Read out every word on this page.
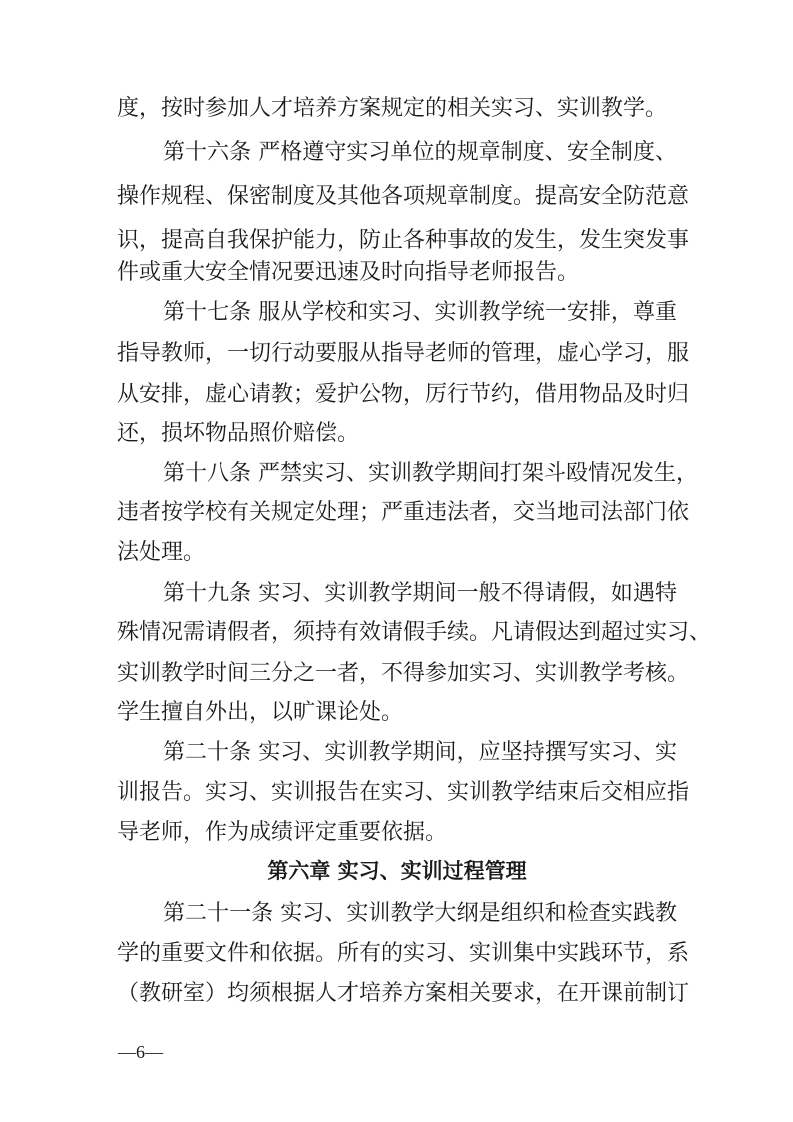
度，按时参加人才培养方案规定的相关实习、实训教学。
第十六条 严格遵守实习单位的规章制度、安全制度、
操作规程、保密制度及其他各项规章制度。提高安全防范意
识，提高自我保护能力，防止各种事故的发生，发生突发事
件或重大安全情况要迅速及时向指导老师报告。
第十七条 服从学校和实习、实训教学统一安排，尊重
指导教师，一切行动要服从指导老师的管理，虚心学习，服
从安排，虚心请教；爱护公物，厉行节约，借用物品及时归
还，损坏物品照价赔偿。
第十八条 严禁实习、实训教学期间打架斗殴情况发生，
违者按学校有关规定处理；严重违法者，交当地司法部门依
法处理。
第十九条 实习、实训教学期间一般不得请假，如遇特
殊情况需请假者，须持有效请假手续。凡请假达到超过实习、
实训教学时间三分之一者，不得参加实习、实训教学考核。
学生擅自外出，以旷课论处。
第二十条 实习、实训教学期间，应坚持撰写实习、实
训报告。实习、实训报告在实习、实训教学结束后交相应指
导老师，作为成绩评定重要依据。
第六章 实习、实训过程管理
第二十一条 实习、实训教学大纲是组织和检查实践教
学的重要文件和依据。所有的实习、实训集中实践环节，系
（教研室）均须根据人才培养方案相关要求，在开课前制订
—6—
